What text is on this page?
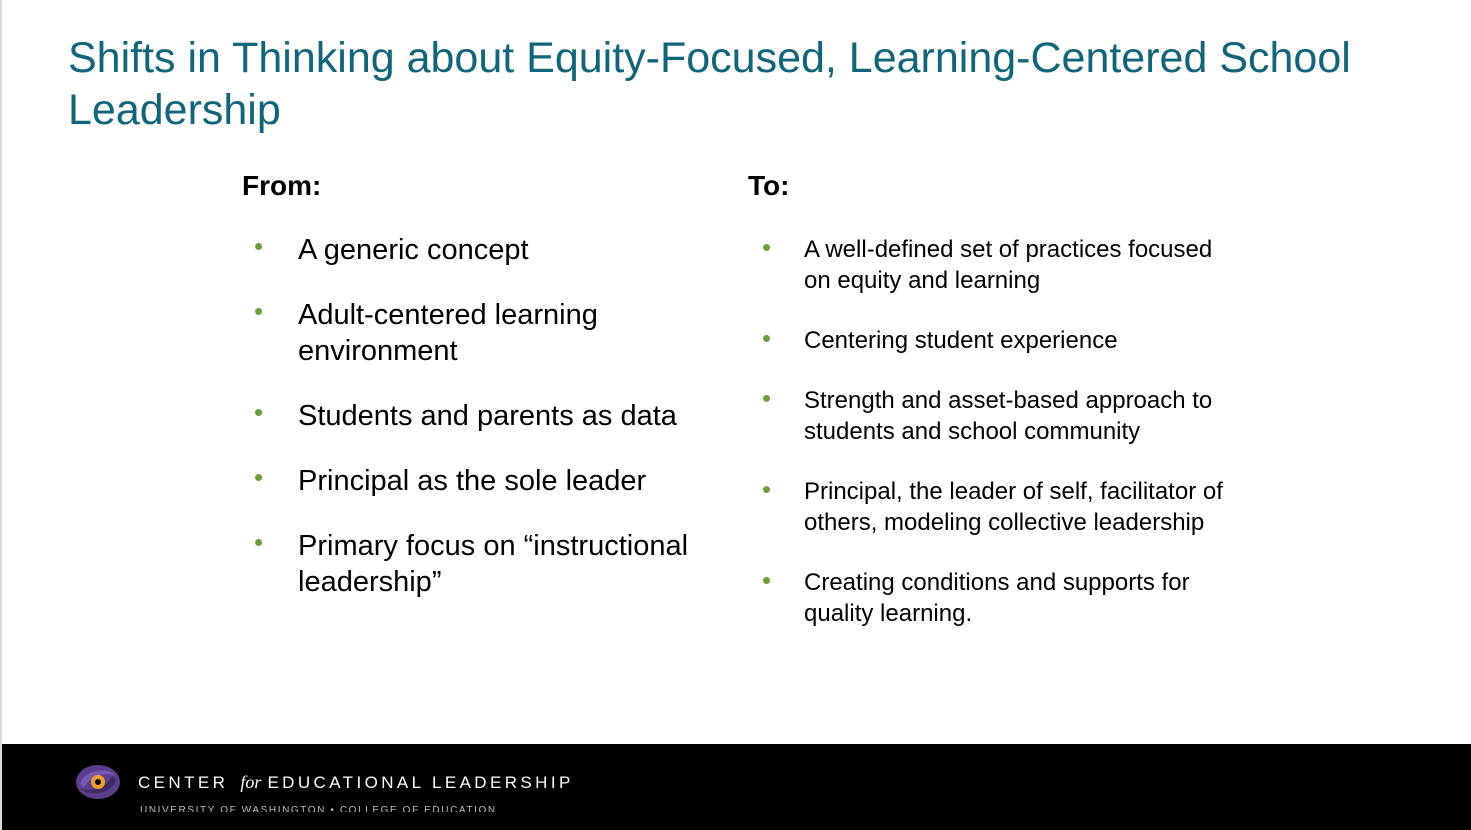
Shifts in Thinking about Equity-Focused, Learning-Centered School Leadership
From:	To:
•	A generic concept
•	Adult-centered learning environment
•	Students and parents as data
•	Principal as the sole leader
•	Primary focus on “instructional leadership”
•	A well-defined set of practices focused on equity and learning
•	Centering student experience
•	Strength and asset-based approach to students and school community
•	Principal, the leader of self, facilitator of others, modeling collective leadership
•	Creating conditions and supports for quality learning.
CENTER for EDUCATIONAL LEADERSHIP
UNIVERSITY OF WASHINGTON • COLLEGE OF EDUCATION
